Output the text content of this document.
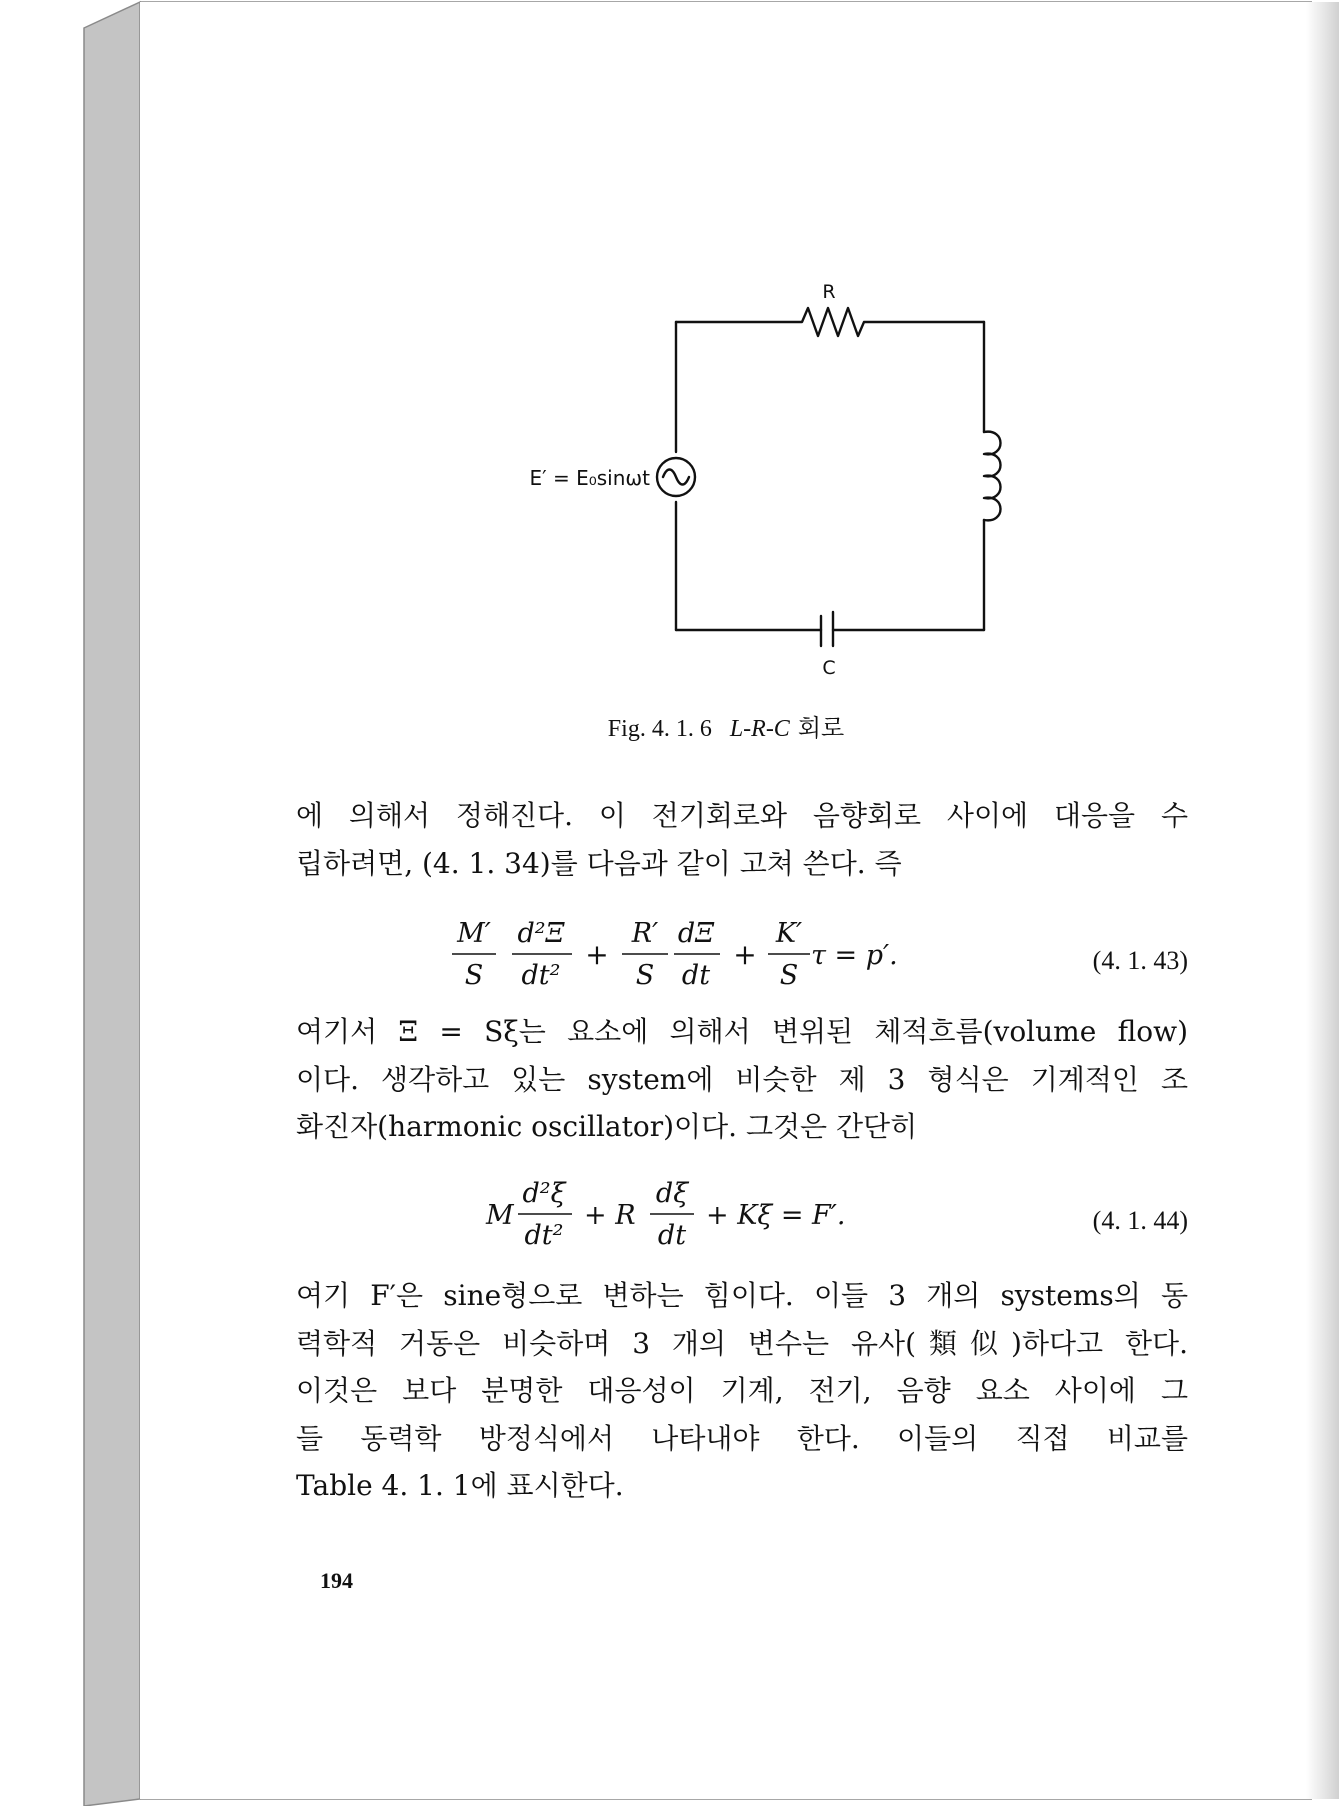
R
C
E′ = E₀sinωt
Fig. 4. 1. 6 L-R-C 회로
에 의해서 정해진다. 이 전기회로와 음향회로 사이에 대응을 수
립하려면, (4. 1. 34)를 다음과 같이 고쳐 쓴다. 즉
M′
S
d²Ξ
dt²
R′
S
dΞ
dt
K′
S
τ = p′.
+	+	(4. 1. 43)
여기서 Ξ = Sξ는 요소에 의해서 변위된 체적흐름(volume flow)
이다. 생각하고 있는 system에 비슷한 제 3 형식은 기계적인 조
화진자(harmonic oscillator)이다. 그것은 간단히
M
d²ξ
dt²
+ R
dξ
dt
+ Kξ = F′.	(4. 1. 44)
여기 F′은 sine형으로 변하는 힘이다. 이들 3 개의 systems의 동
력학적 거동은 비슷하며 3 개의 변수는 유사(類似)하다고 한다.
이것은 보다 분명한 대응성이 기계, 전기, 음향 요소 사이에 그
들 동력학 방정식에서 나타내야 한다. 이들의 직접 비교를
Table 4. 1. 1에 표시한다.
194
